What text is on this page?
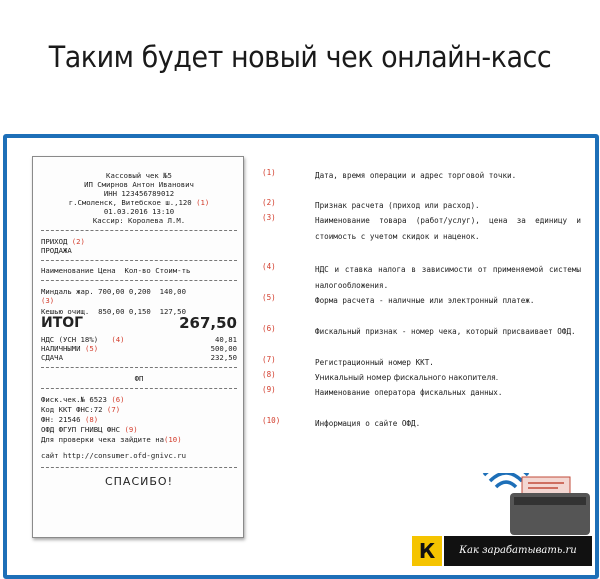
Таким будет новый чек онлайн-касс
Кассовый чек №5
ИП Смирнов Антон Иванович
ИНН 123456789012
г.Смоленск, Витебское ш.,120 (1)
01.03.2016 13:10
Кассир: Королева Л.М.
ПРИХОД (2)
ПРОДАЖА
Наименование Цена  Кол-во Стоим-ть
Миндаль жар. 700,00 0,200  140,00
(3)
Кешью очищ.  850,00 0,150  127,50
ИТОГ	267,50
НДС (УСН 18%) (4)	40,81
НАЛИЧНЫМИ (5)	500,00
СДАЧА	232,50
ФП
Фиск.чек.№ 6523 (6)
Код ККТ ФНС:72 (7)
ФН: 21546 (8)
ОФД ФГУП ГНИВЦ ФНС (9)
Для проверки чека зайдите на(10)
сайт http://consumer.ofd-gnivc.ru
СПАСИБО!
(1)	Дата, время операции и адрес торговой точки.
(2)	Признак расчета (приход или расход).
(3)	Наименование товара (работ/услуг), цена за единицу и стоимость с учетом скидок и наценок.
(4)	НДС и ставка налога в зависимости от применяемой системы налогообложения.
(5)	Форма расчета - наличные или электронный платеж.
(6)	Фискальный признак - номер чека, который присваивает ОФД.
(7)	Регистрационный номер ККТ.
(8)	Уникальный номер фискального накопителя.
(9)	Наименование оператора фискальных данных.
(10)	Информация о сайте ОФД.
К	Как зарабатывать.ru
